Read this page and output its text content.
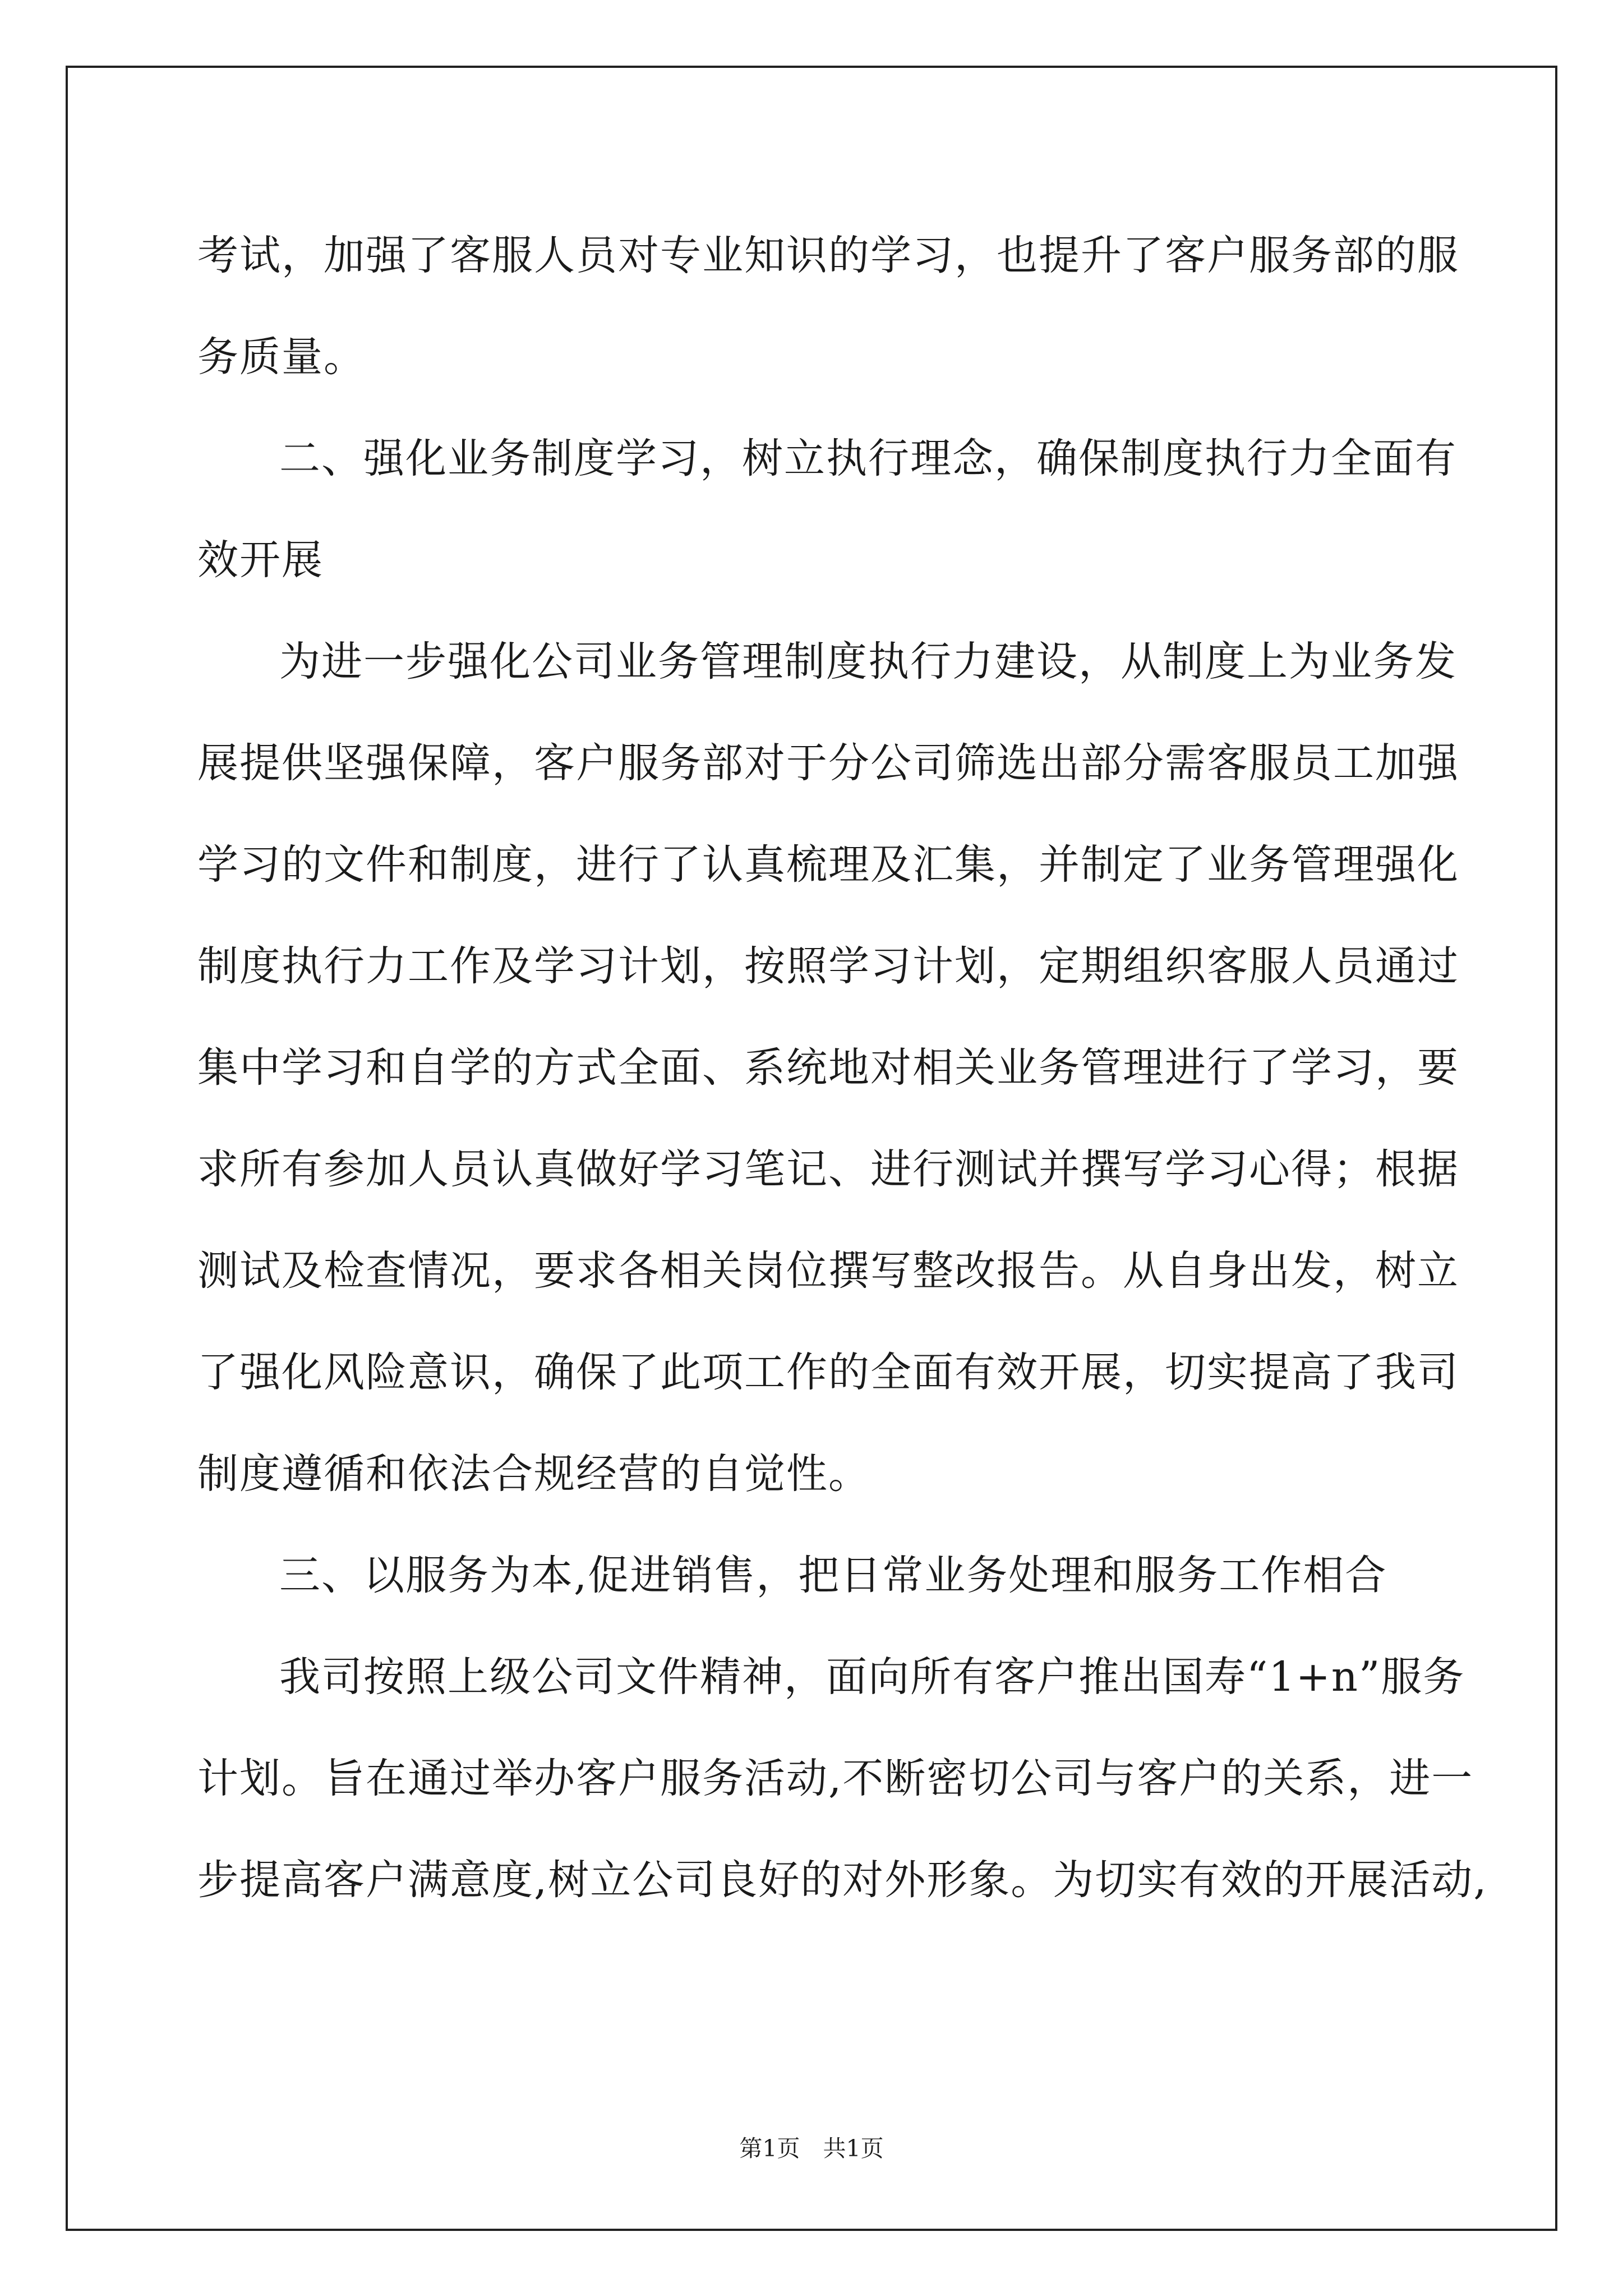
考试，加强了客服人员对专业知识的学习，也提升了客户服务部的服
务质量。
二、强化业务制度学习，树立执行理念，确保制度执行力全面有
效开展
为进一步强化公司业务管理制度执行力建设，从制度上为业务发
展提供坚强保障，客户服务部对于分公司筛选出部分需客服员工加强
学习的文件和制度，进行了认真梳理及汇集，并制定了业务管理强化
制度执行力工作及学习计划，按照学习计划，定期组织客服人员通过
集中学习和自学的方式全面、系统地对相关业务管理进行了学习，要
求所有参加人员认真做好学习笔记、进行测试并撰写学习心得；根据
测试及检查情况，要求各相关岗位撰写整改报告。从自身出发，树立
了强化风险意识，确保了此项工作的全面有效开展，切实提高了我司
制度遵循和依法合规经营的自觉性。
三、以服务为本,促进销售，把日常业务处理和服务工作相合
我司按照上级公司文件精神，面向所有客户推出国寿“1+n”服务
计划。旨在通过举办客户服务活动,不断密切公司与客户的关系，进一
步提高客户满意度,树立公司良好的对外形象。为切实有效的开展活动,
第1页　共1页
